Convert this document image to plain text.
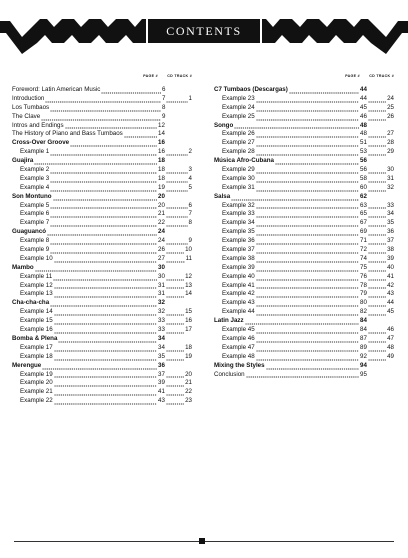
CONTENTS
PAGE #	CD TRACK #
Foreword: Latin American Music	6
Introduction	7	1
Los Tumbaos	8
The Clave	9
Intros and Endings	12
The History of Piano and Bass Tumbaos	14
Cross-Over Groove	16
Example 1	16	2
Guajira	18
Example 2	18	3
Example 3	18	4
Example 4	19	5
Son Montuno	20
Example 5	20	6
Example 6	21	7
Example 7	22	8
Guaguancó	24
Example 8	24	9
Example 9	26	10
Example 10	27	11
Mambo	30
Example 11	30	12
Example 12	31	13
Example 13	31	14
Cha-cha-cha	32
Example 14	32	15
Example 15	33	16
Example 16	33	17
Bomba & Plena	34
Example 17	34	18
Example 18	35	19
Merengue	36
Example 19	37	20
Example 20	39	21
Example 21	41	22
Example 22	43	23
PAGE #	CD TRACK #
C7 Tumbaos (Descargas)	44
Example 23	44	24
Example 24	45	25
Example 25	46	26
Songo	48
Example 26	48	27
Example 27	51	28
Example 28	53	29
Música Afro-Cubana	56
Example 29	56	30
Example 30	58	31
Example 31	60	32
Salsa	62
Example 32	63	33
Example 33	65	34
Example 34	67	35
Example 35	69	36
Example 36	71	37
Example 37	72	38
Example 38	74	39
Example 39	75	40
Example 40	76	41
Example 41	78	42
Example 42	79	43
Example 43	80	44
Example 44	82	45
Latin Jazz	84
Example 45	84	46
Example 46	87	47
Example 47	89	48
Example 48	92	49
Mixing the Styles	94
Conclusion	95
